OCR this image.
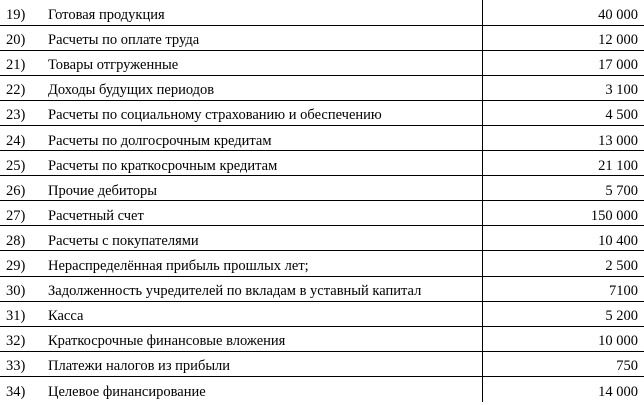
19)	Готовая продукция	40 000
20)	Расчеты по оплате труда	12 000
21)	Товары отгруженные	17 000
22)	Доходы будущих периодов	3 100
23)	Расчеты по социальному страхованию и обеспечению	4 500
24)	Расчеты по долгосрочным кредитам	13 000
25)	Расчеты по краткосрочным кредитам	21 100
26)	Прочие дебиторы	5 700
27)	Расчетный счет	150 000
28)	Расчеты с покупателями	10 400
29)	Нераспределённая прибыль прошлых лет;	2 500
30)	Задолженность учредителей по вкладам в уставный капитал	7100
31)	Касса	5 200
32)	Краткосрочные финансовые вложения	10 000
33)	Платежи налогов из прибыли	750
34)	Целевое финансирование	14 000
